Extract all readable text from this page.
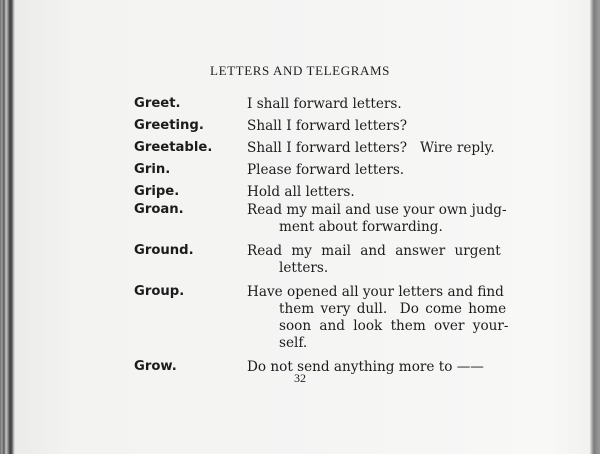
LETTERS AND TELEGRAMS
Greet.	I shall forward letters.
Greeting.	Shall I forward letters?
Greetable.	Shall I forward letters?   Wire reply.
Grin.	Please forward letters.
Gripe.	Hold all letters.
Groan.	Read my mail and use your own judg-
ment about forwarding.
Ground.	Read my mail and answer urgent
letters.
Group.	Have opened all your letters and find
them very dull.  Do come home
soon and look them over your-
self.
Grow.	Do not send anything more to ——
32
